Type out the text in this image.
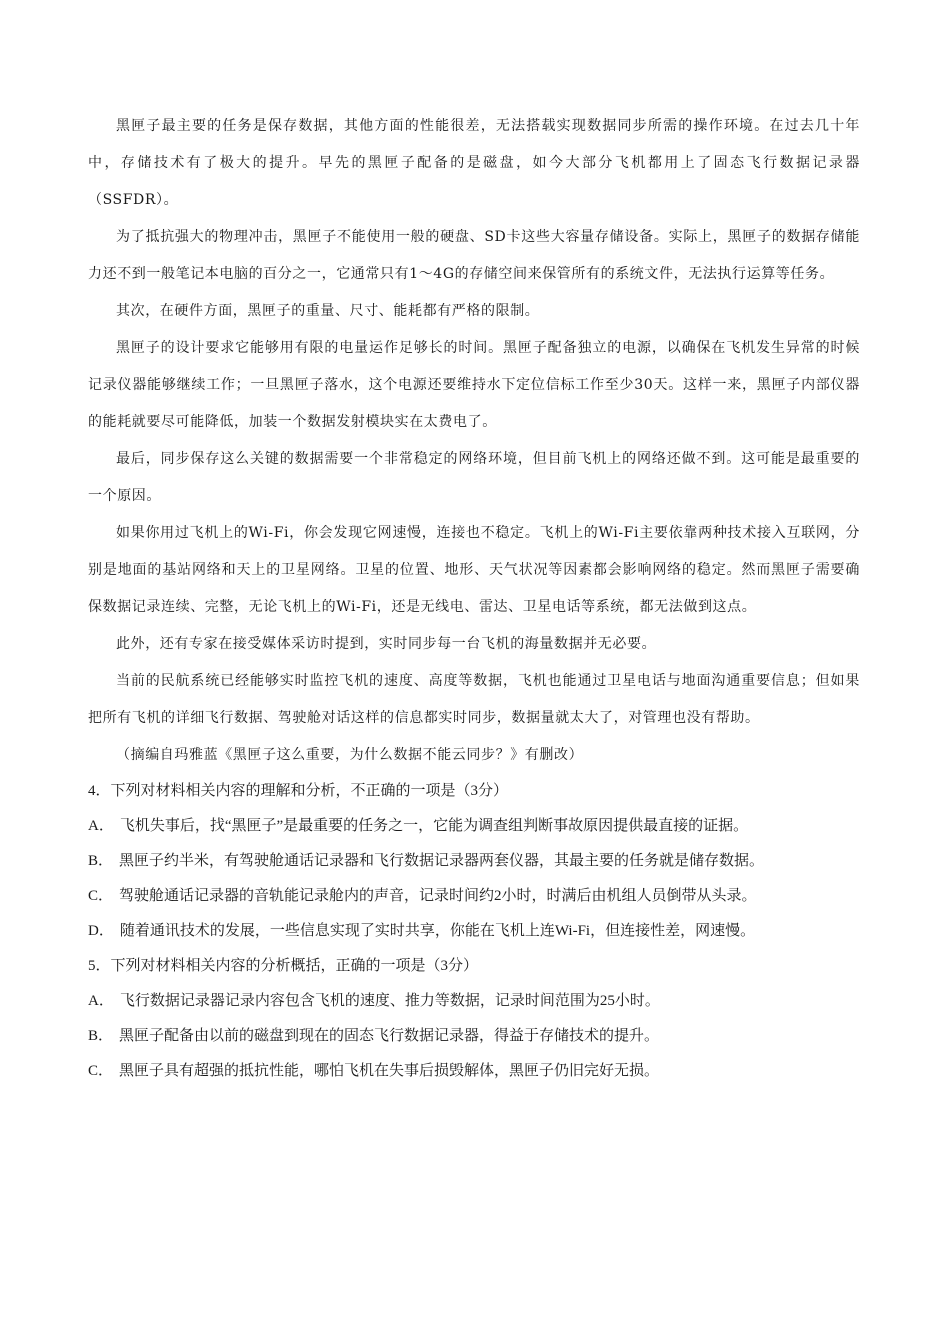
黑匣子最主要的任务是保存数据，其他方面的性能很差，无法搭载实现数据同步所需的操作环境。在过去几十年中，存储技术有了极大的提升。早先的黑匣子配备的是磁盘，如今大部分飞机都用上了固态飞行数据记录器（SSFDR）。

为了抵抗强大的物理冲击，黑匣子不能使用一般的硬盘、SD卡这些大容量存储设备。实际上，黑匣子的数据存储能力还不到一般笔记本电脑的百分之一，它通常只有1～4G的存储空间来保管所有的系统文件，无法执行运算等任务。

其次，在硬件方面，黑匣子的重量、尺寸、能耗都有严格的限制。

黑匣子的设计要求它能够用有限的电量运作足够长的时间。黑匣子配备独立的电源，以确保在飞机发生异常的时候记录仪器能够继续工作；一旦黑匣子落水，这个电源还要维持水下定位信标工作至少30天。这样一来，黑匣子内部仪器的能耗就要尽可能降低，加装一个数据发射模块实在太费电了。

最后，同步保存这么关键的数据需要一个非常稳定的网络环境，但目前飞机上的网络还做不到。这可能是最重要的一个原因。

如果你用过飞机上的Wi-Fi，你会发现它网速慢，连接也不稳定。飞机上的Wi-Fi主要依靠两种技术接入互联网，分别是地面的基站网络和天上的卫星网络。卫星的位置、地形、天气状况等因素都会影响网络的稳定。然而黑匣子需要确保数据记录连续、完整，无论飞机上的Wi-Fi，还是无线电、雷达、卫星电话等系统，都无法做到这点。

此外，还有专家在接受媒体采访时提到，实时同步每一台飞机的海量数据并无必要。

当前的民航系统已经能够实时监控飞机的速度、高度等数据，飞机也能通过卫星电话与地面沟通重要信息；但如果把所有飞机的详细飞行数据、驾驶舱对话这样的信息都实时同步，数据量就太大了，对管理也没有帮助。

（摘编自玛雅蓝《黑匣子这么重要，为什么数据不能云同步？》有删改）

4．下列对材料相关内容的理解和分析，不正确的一项是（3分）

A． 飞机失事后，找“黑匣子”是最重要的任务之一，它能为调查组判断事故原因提供最直接的证据。

B． 黑匣子约半米，有驾驶舱通话记录器和飞行数据记录器两套仪器，其最主要的任务就是储存数据。

C． 驾驶舱通话记录器的音轨能记录舱内的声音，记录时间约2小时，时满后由机组人员倒带从头录。

D． 随着通讯技术的发展，一些信息实现了实时共享，你能在飞机上连Wi-Fi，但连接性差，网速慢。

5．下列对材料相关内容的分析概括，正确的一项是（3分）

A． 飞行数据记录器记录内容包含飞机的速度、推力等数据，记录时间范围为25小时。

B． 黑匣子配备由以前的磁盘到现在的固态飞行数据记录器，得益于存储技术的提升。

C． 黑匣子具有超强的抵抗性能，哪怕飞机在失事后损毁解体，黑匣子仍旧完好无损。
